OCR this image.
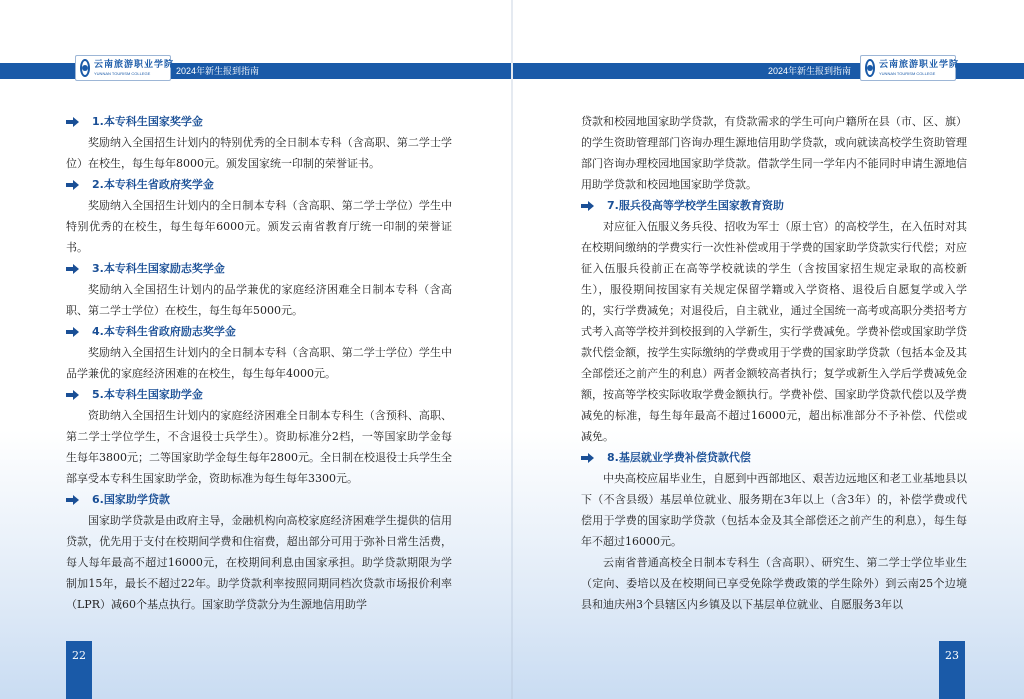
云南旅游职业学院
YUNNAN TOURISM COLLEGE	2024年新生报到指南	2024年新生报到指南
云南旅游职业学院
YUNNAN TOURISM COLLEGE
1.本专科生国家奖学金

奖励纳入全国招生计划内的特别优秀的全日制本专科（含高职、第二学士学位）在校生，每生每年8000元。颁发国家统一印制的荣誉证书。

2.本专科生省政府奖学金

奖励纳入全国招生计划内的全日制本专科（含高职、第二学士学位）学生中特别优秀的在校生，每生每年6000元。颁发云南省教育厅统一印制的荣誉证书。

3.本专科生国家励志奖学金

奖励纳入全国招生计划内的品学兼优的家庭经济困难全日制本专科（含高职、第二学士学位）在校生，每生每年5000元。

4.本专科生省政府励志奖学金

奖励纳入全国招生计划内的全日制本专科（含高职、第二学士学位）学生中品学兼优的家庭经济困难的在校生，每生每年4000元。

5.本专科生国家助学金

资助纳入全国招生计划内的家庭经济困难全日制本专科生（含预科、高职、第二学士学位学生，不含退役士兵学生）。资助标准分2档，一等国家助学金每生每年3800元；二等国家助学金每生每年2800元。全日制在校退役士兵学生全部享受本专科生国家助学金，资助标准为每生每年3300元。

6.国家助学贷款

国家助学贷款是由政府主导，金融机构向高校家庭经济困难学生提供的信用贷款，优先用于支付在校期间学费和住宿费，超出部分可用于弥补日常生活费，每人每年最高不超过16000元，在校期间利息由国家承担。助学贷款期限为学制加15年，最长不超过22年。助学贷款利率按照同期同档次贷款市场报价利率（LPR）减60个基点执行。国家助学贷款分为生源地信用助学

贷款和校园地国家助学贷款，有贷款需求的学生可向户籍所在县（市、区、旗）的学生资助管理部门咨询办理生源地信用助学贷款，或向就读高校学生资助管理部门咨询办理校园地国家助学贷款。借款学生同一学年内不能同时申请生源地信用助学贷款和校园地国家助学贷款。

7.服兵役高等学校学生国家教育资助

对应征入伍服义务兵役、招收为军士（原士官）的高校学生，在入伍时对其在校期间缴纳的学费实行一次性补偿或用于学费的国家助学贷款实行代偿；对应征入伍服兵役前正在高等学校就读的学生（含按国家招生规定录取的高校新生），服役期间按国家有关规定保留学籍或入学资格、退役后自愿复学或入学的，实行学费减免；对退役后，自主就业，通过全国统一高考或高职分类招考方式考入高等学校并到校报到的入学新生，实行学费减免。学费补偿或国家助学贷款代偿金额，按学生实际缴纳的学费或用于学费的国家助学贷款（包括本金及其全部偿还之前产生的利息）两者金额较高者执行；复学或新生入学后学费减免金额，按高等学校实际收取学费金额执行。学费补偿、国家助学贷款代偿以及学费减免的标准，每生每年最高不超过16000元，超出标准部分不予补偿、代偿或减免。

8.基层就业学费补偿贷款代偿

中央高校应届毕业生，自愿到中西部地区、艰苦边远地区和老工业基地县以下（不含县级）基层单位就业、服务期在3年以上（含3年）的，补偿学费或代偿用于学费的国家助学贷款（包括本金及其全部偿还之前产生的利息），每生每年不超过16000元。

云南省普通高校全日制本专科生（含高职）、研究生、第二学士学位毕业生（定向、委培以及在校期间已享受免除学费政策的学生除外）到云南25个边境县和迪庆州3个县辖区内乡镇及以下基层单位就业、自愿服务3年以

22	23
